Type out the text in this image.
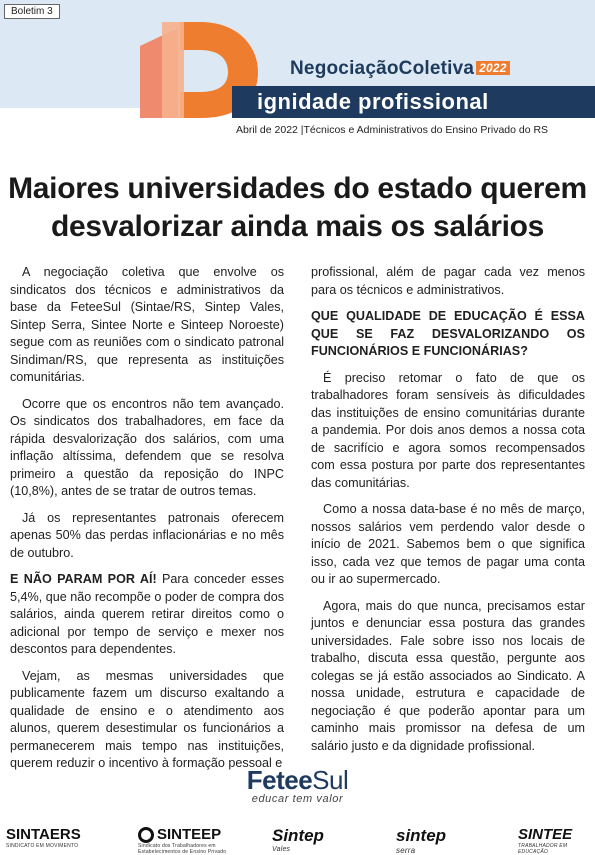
Boletim 3
NegociaçãoColetiva 2022
ignidade profissional
Abril de 2022 |Técnicos e Administrativos do Ensino Privado do RS
Maiores universidades do estado querem
desvalorizar ainda mais os salários

A negociação coletiva que envolve os sindicatos dos técnicos e administrativos da base da FeteeSul (Sintae/RS, Sintep Vales, Sintep Serra, Sintee Norte e Sinteep Noroeste) segue com as reuniões com o sindicato patronal Sindiman/RS, que representa as instituições comunitárias.

Ocorre que os encontros não tem avançado. Os sindicatos dos trabalhadores, em face da rápida desvalorização dos salários, com uma inflação altíssima, defendem que se resolva primeiro a questão da reposição do INPC (10,8%), antes de se tratar de outros temas.

Já os representantes patronais oferecem apenas 50% das perdas inflacionárias e no mês de outubro.

E NÃO PARAM POR AÍ! Para conceder esses 5,4%, que não recompõe o poder de compra dos salários, ainda querem retirar direitos como o adicional por tempo de serviço e mexer nos descontos para dependentes.

Vejam, as mesmas universidades que publicamente fazem um discurso exaltando a qualidade de ensino e o atendimento aos alunos, querem desestimular os funcionários a permanecerem mais tempo nas instituições, querem reduzir o incentivo à formação pessoal e

profissional, além de pagar cada vez menos para os técnicos e administrativos.

QUE QUALIDADE DE EDUCAÇÃO É ESSA QUE SE FAZ DESVALORIZANDO OS FUNCIONÁRIOS E FUNCIONÁRIAS?

É preciso retomar o fato de que os trabalhadores foram sensíveis às dificuldades das instituições de ensino comunitárias durante a pandemia. Por dois anos demos a nossa cota de sacrifício e agora somos recompensados com essa postura por parte dos representantes das comunitárias.

Como a nossa data-base é no mês de março, nossos salários vem perdendo valor desde o início de 2021. Sabemos bem o que significa isso, cada vez que temos de pagar uma conta ou ir ao supermercado.

Agora, mais do que nunca, precisamos estar juntos e denunciar essa postura das grandes universidades. Fale sobre isso nos locais de trabalho, discuta essa questão, pergunte aos colegas se já estão associados ao Sindicato. A nossa unidade, estrutura e capacidade de negociação é que poderão apontar para um caminho mais promissor na defesa de um salário justo e da dignidade profissional.

FeteeSul
educar tem valor
SINTAERS
SINDICATO EM MOVIMENTO
SINTEEP
Sindicato dos Trabalhadores em Estabelecimentos de Ensino Privado
Sintep
Vales
sintep
serra
SINTEE
TRABALHADOR EM EDUCAÇÃO
